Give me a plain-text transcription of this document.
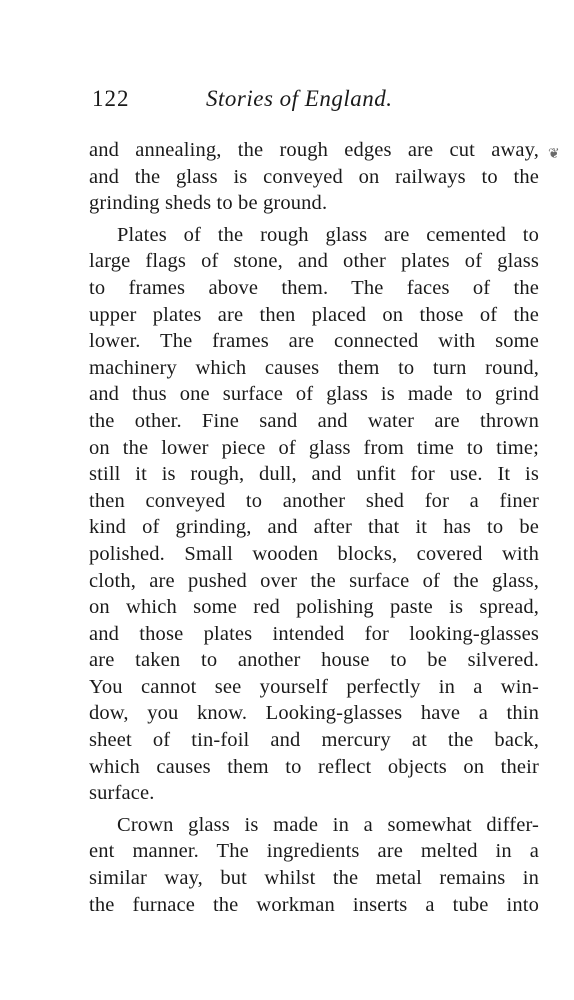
122	Stories of England.
❦
and annealing, the rough edges are cut away,
and the glass is conveyed on railways to the
grinding sheds to be ground.
Plates of the rough glass are cemented to
large flags of stone, and other plates of glass
to frames above them. The faces of the
upper plates are then placed on those of the
lower. The frames are connected with some
machinery which causes them to turn round,
and thus one surface of glass is made to grind
the other. Fine sand and water are thrown
on the lower piece of glass from time to time;
still it is rough, dull, and unfit for use. It is
then conveyed to another shed for a finer
kind of grinding, and after that it has to be
polished. Small wooden blocks, covered with
cloth, are pushed over the surface of the glass,
on which some red polishing paste is spread,
and those plates intended for looking-glasses
are taken to another house to be silvered.
You cannot see yourself perfectly in a win-
dow, you know. Looking-glasses have a thin
sheet of tin-foil and mercury at the back,
which causes them to reflect objects on their
surface.
Crown glass is made in a somewhat differ-
ent manner. The ingredients are melted in a
similar way, but whilst the metal remains in
the furnace the workman inserts a tube into
